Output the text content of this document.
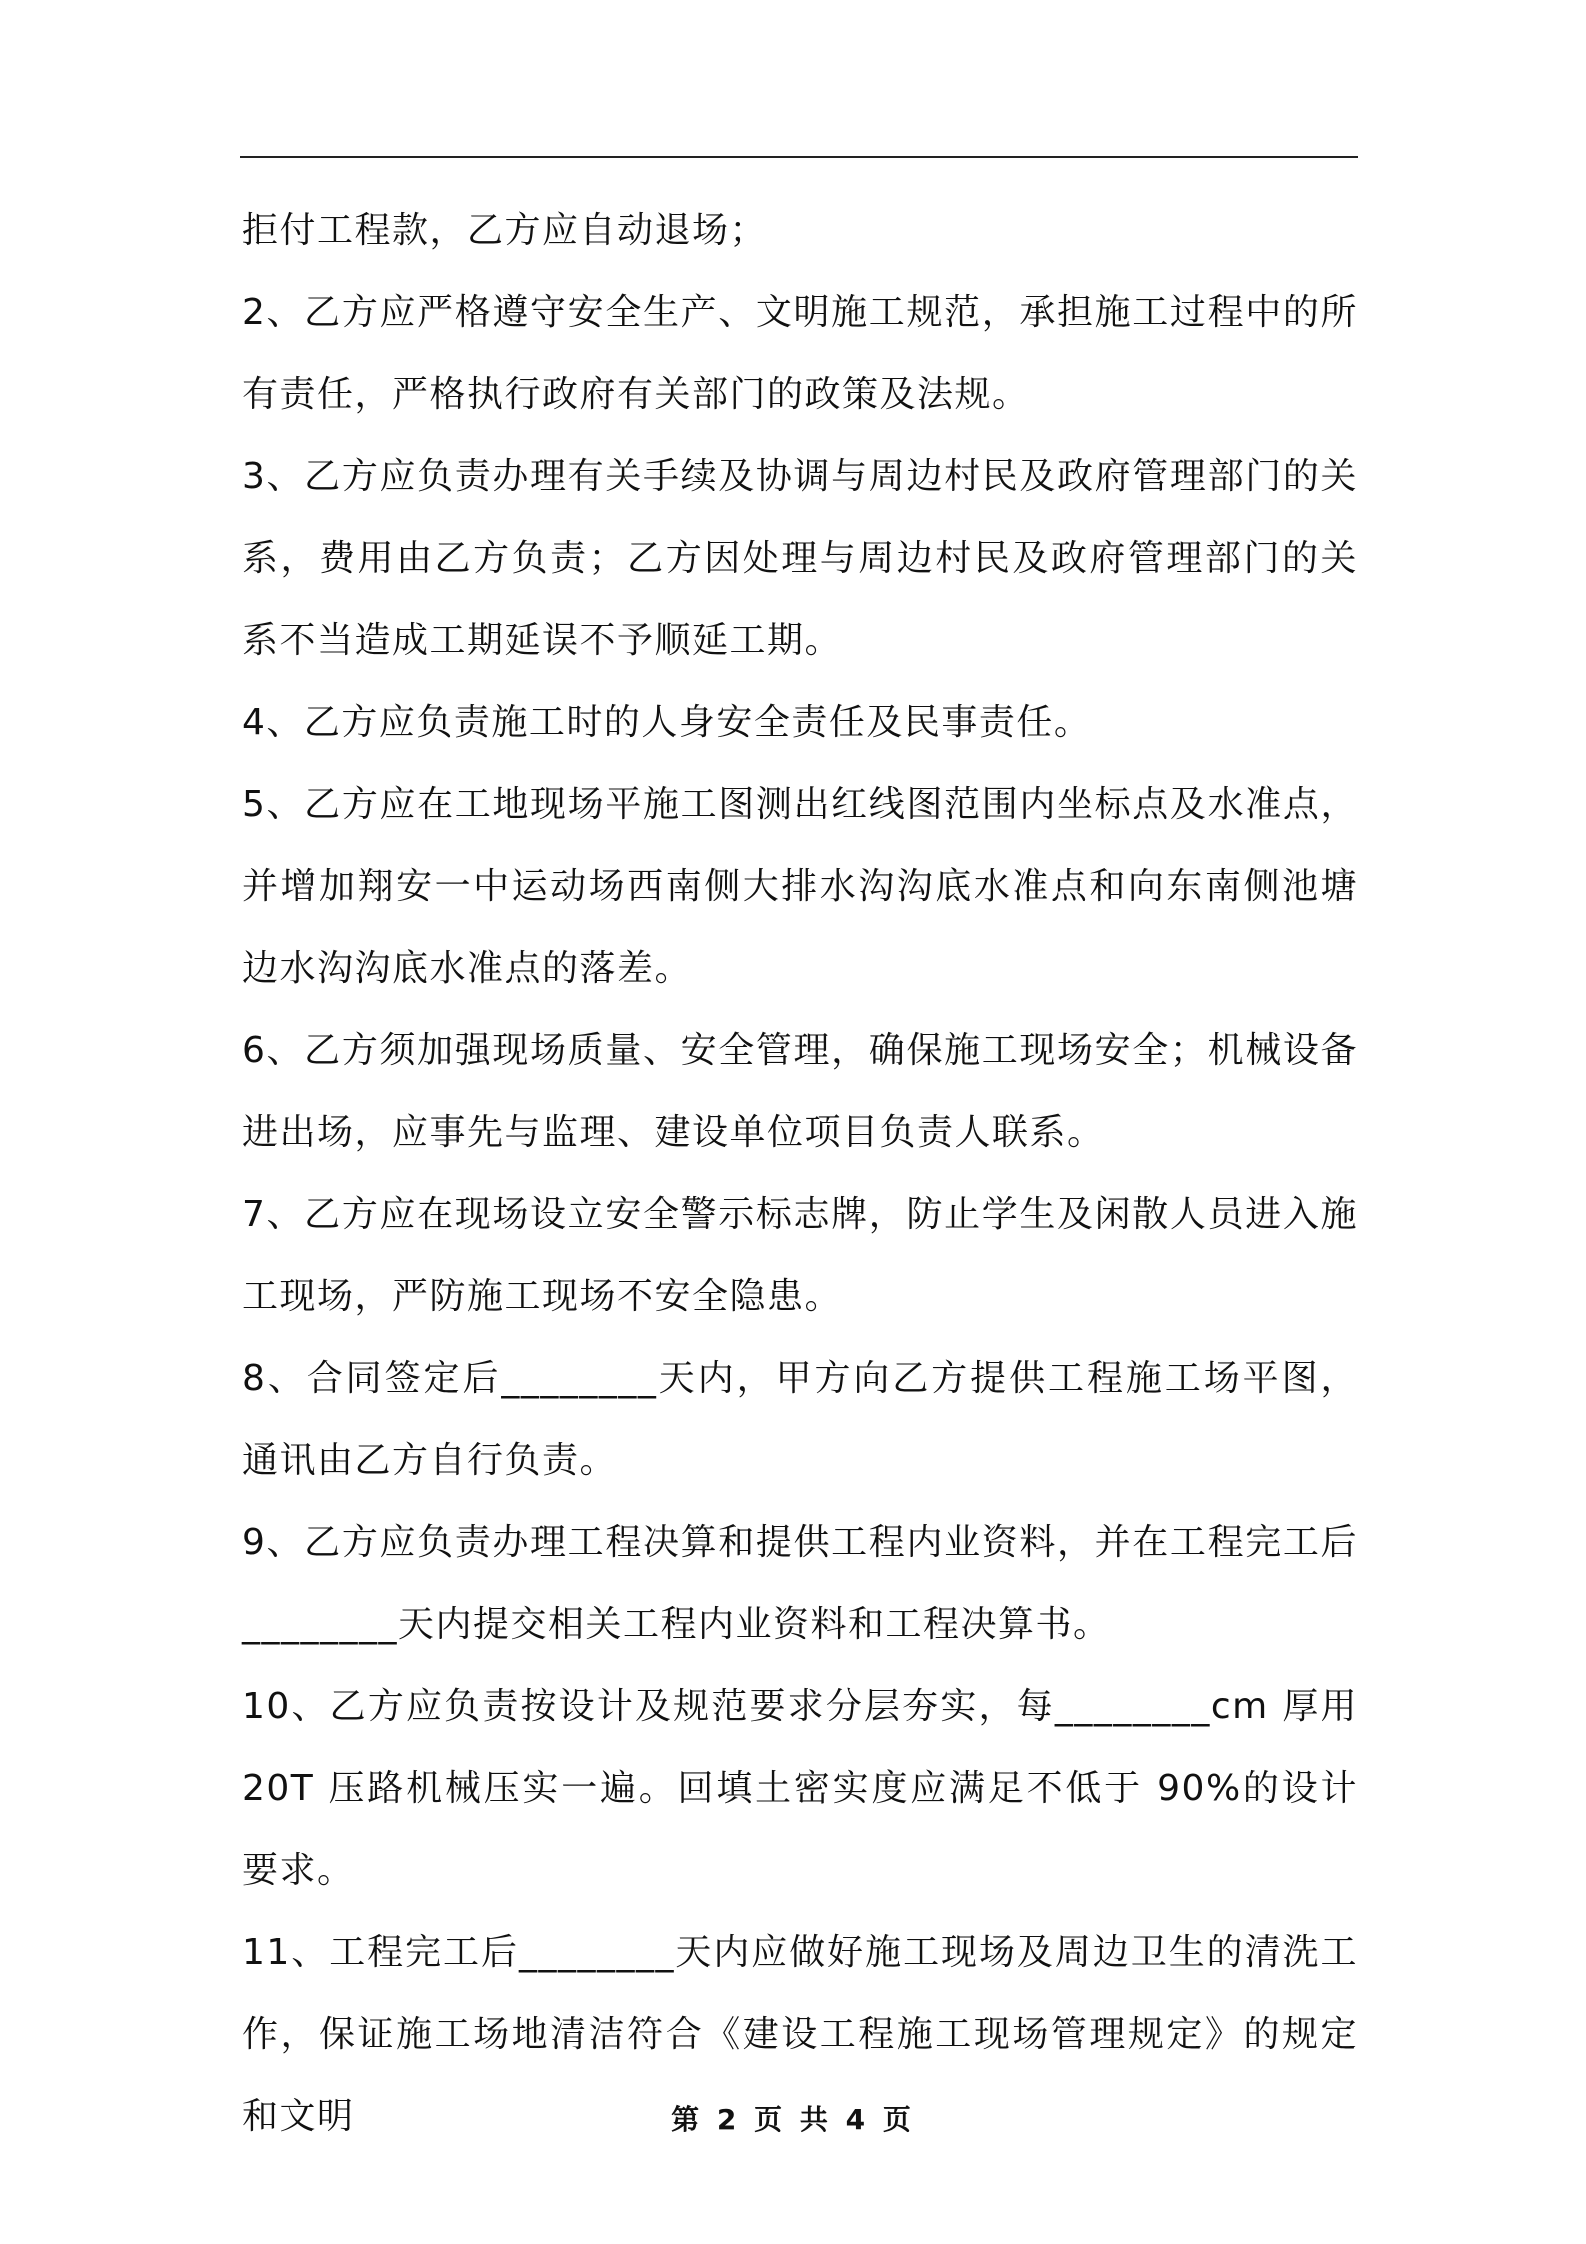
拒付工程款，乙方应自动退场；

2、乙方应严格遵守安全生产、文明施工规范，承担施工过程中的所有责任，严格执行政府有关部门的政策及法规。

3、乙方应负责办理有关手续及协调与周边村民及政府管理部门的关系，费用由乙方负责；乙方因处理与周边村民及政府管理部门的关系不当造成工期延误不予顺延工期。

4、乙方应负责施工时的人身安全责任及民事责任。

5、乙方应在工地现场平施工图测出红线图范围内坐标点及水准点，并增加翔安一中运动场西南侧大排水沟沟底水准点和向东南侧池塘边水沟沟底水准点的落差。

6、乙方须加强现场质量、安全管理，确保施工现场安全；机械设备进出场，应事先与监理、建设单位项目负责人联系。

7、乙方应在现场设立安全警示标志牌，防止学生及闲散人员进入施工现场，严防施工现场不安全隐患。

8、合同签定后________天内，甲方向乙方提供工程施工场平图，通讯由乙方自行负责。

9、乙方应负责办理工程决算和提供工程内业资料，并在工程完工后________天内提交相关工程内业资料和工程决算书。

10、乙方应负责按设计及规范要求分层夯实，每________cm 厚用 20T 压路机械压实一遍。回填土密实度应满足不低于 90%的设计要求。

11、工程完工后________天内应做好施工现场及周边卫生的清洗工作，保证施工场地清洁符合《建设工程施工现场管理规定》的规定和文明	第 2 页 共 4 页
